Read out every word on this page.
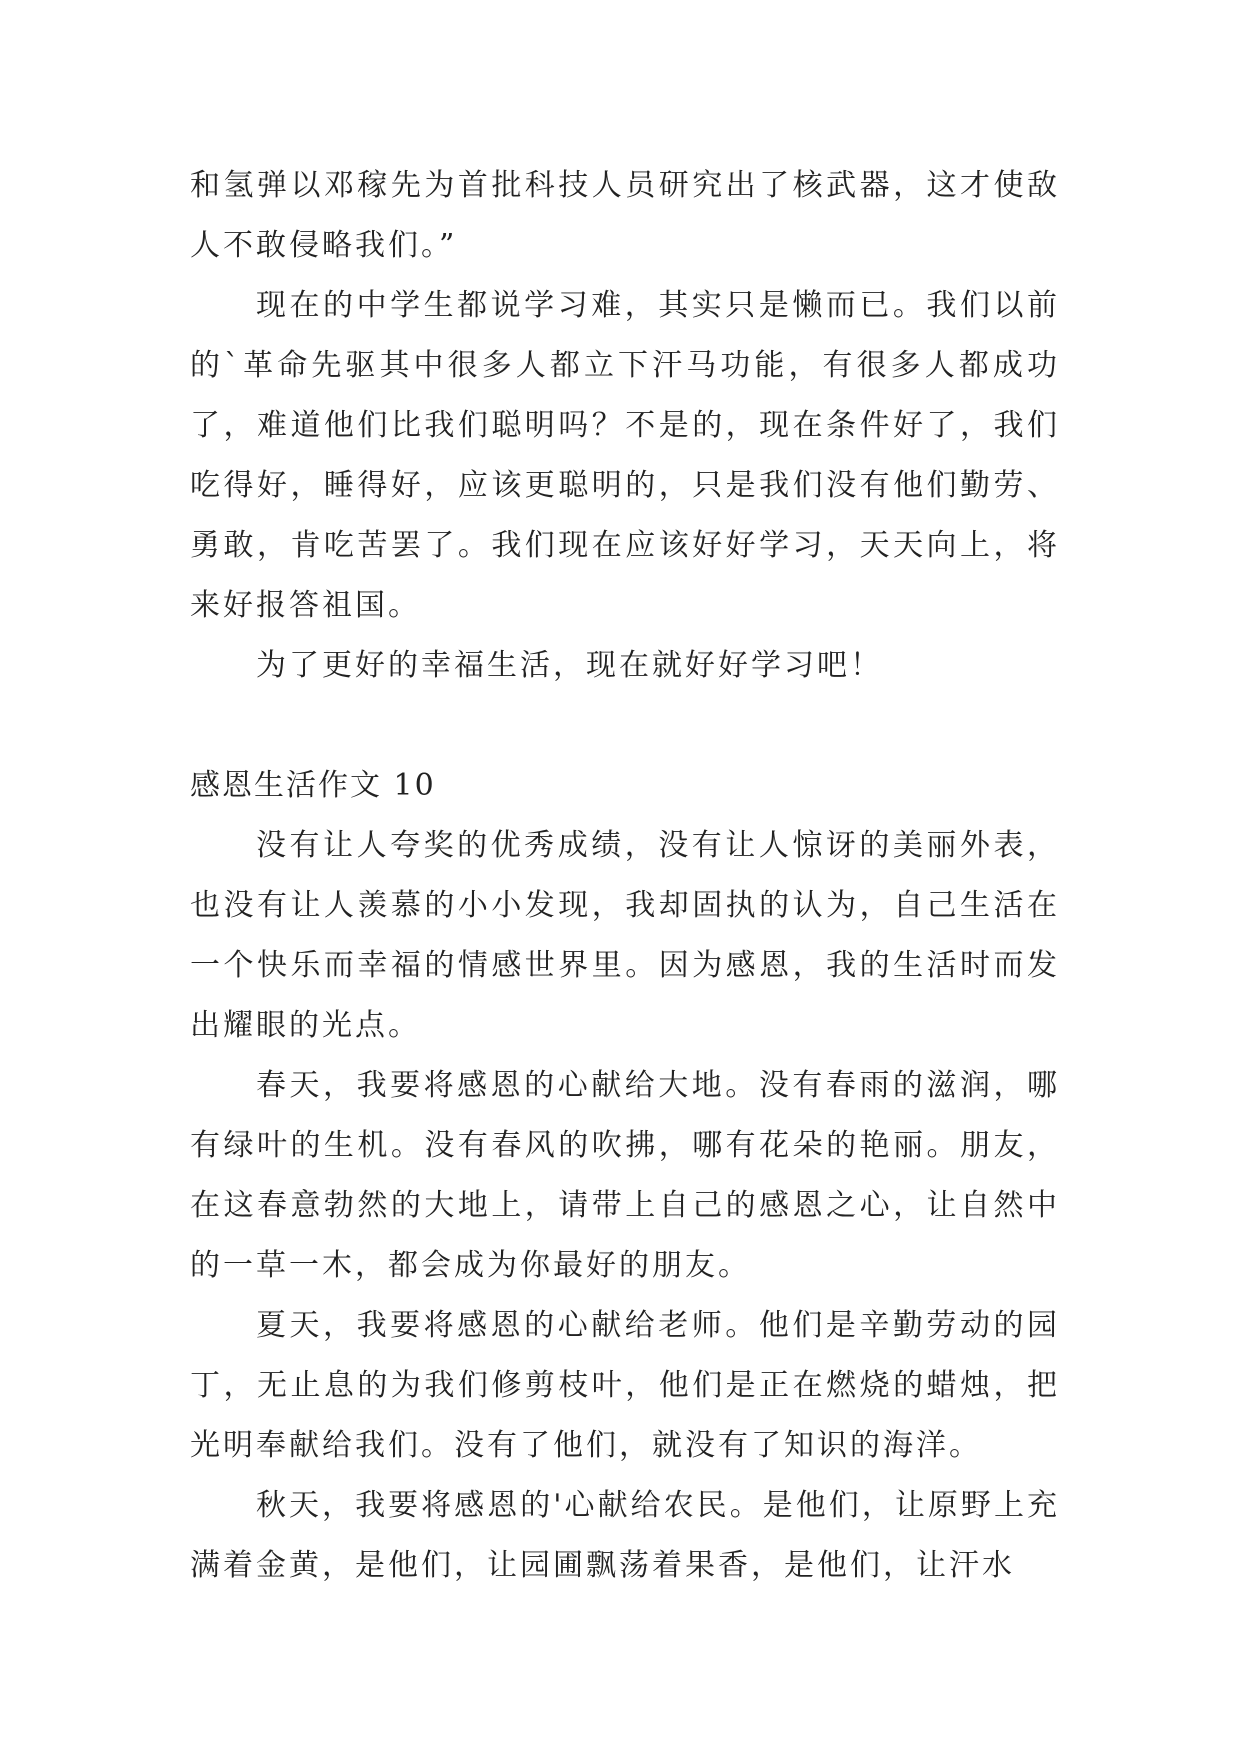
和氢弹以邓稼先为首批科技人员研究出了核武器，这才使敌人不敢侵略我们。”

现在的中学生都说学习难，其实只是懒而已。我们以前的`革命先驱其中很多人都立下汗马功能，有很多人都成功了，难道他们比我们聪明吗？不是的，现在条件好了，我们吃得好，睡得好，应该更聪明的，只是我们没有他们勤劳、勇敢，肯吃苦罢了。我们现在应该好好学习，天天向上，将来好报答祖国。

为了更好的幸福生活，现在就好好学习吧！

感恩生活作文 10

没有让人夸奖的优秀成绩，没有让人惊讶的美丽外表，也没有让人羡慕的小小发现，我却固执的认为，自己生活在一个快乐而幸福的情感世界里。因为感恩，我的生活时而发出耀眼的光点。

春天，我要将感恩的心献给大地。没有春雨的滋润，哪有绿叶的生机。没有春风的吹拂，哪有花朵的艳丽。朋友，在这春意勃然的大地上，请带上自己的感恩之心，让自然中的一草一木，都会成为你最好的朋友。

夏天，我要将感恩的心献给老师。他们是辛勤劳动的园丁，无止息的为我们修剪枝叶，他们是正在燃烧的蜡烛，把光明奉献给我们。没有了他们，就没有了知识的海洋。

秋天，我要将感恩的'心献给农民。是他们，让原野上充满着金黄，是他们，让园圃飘荡着果香，是他们，让汗水
